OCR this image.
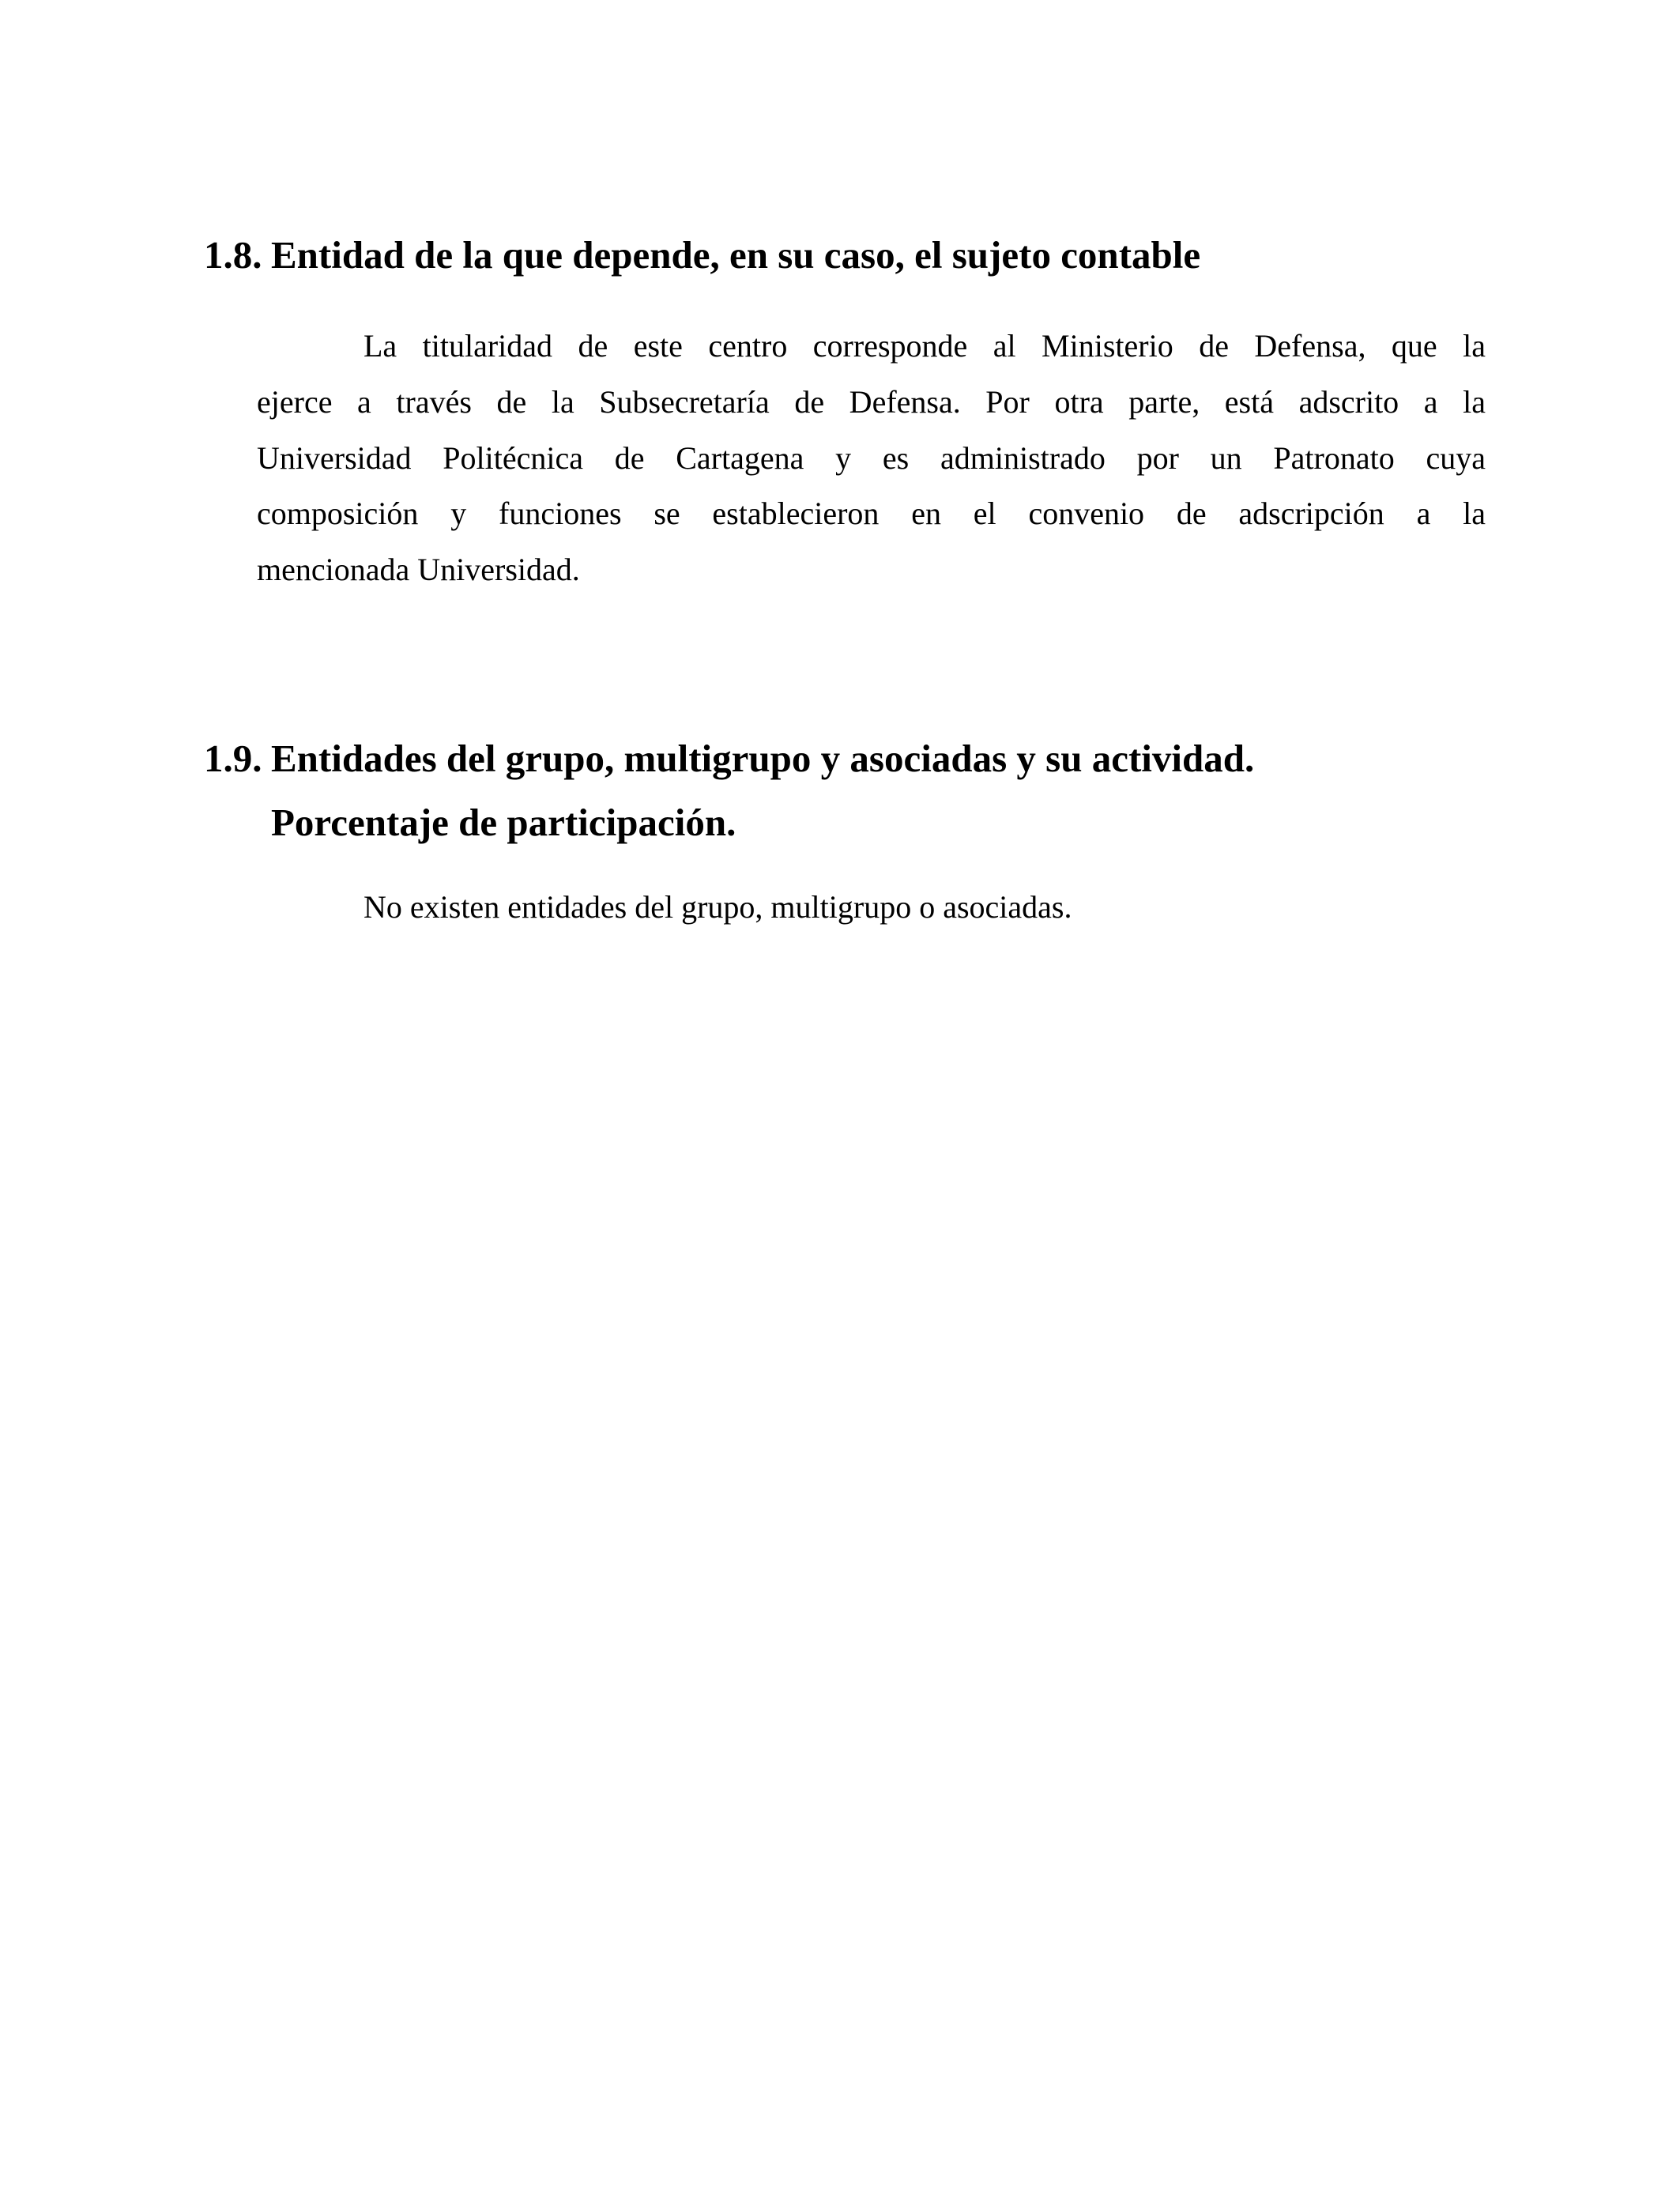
1.8. Entidad de la que depende, en su caso, el sujeto contable
La titularidad de este centro corresponde al Ministerio de Defensa, que la
ejerce a través de la Subsecretaría de Defensa. Por otra parte, está adscrito a la
Universidad Politécnica de Cartagena y es administrado por un Patronato cuya
composición y funciones se establecieron en el convenio de adscripción a la
mencionada Universidad.
1.9. Entidades del grupo, multigrupo y asociadas y su actividad.
Porcentaje de participación.
No existen entidades del grupo, multigrupo o asociadas.
